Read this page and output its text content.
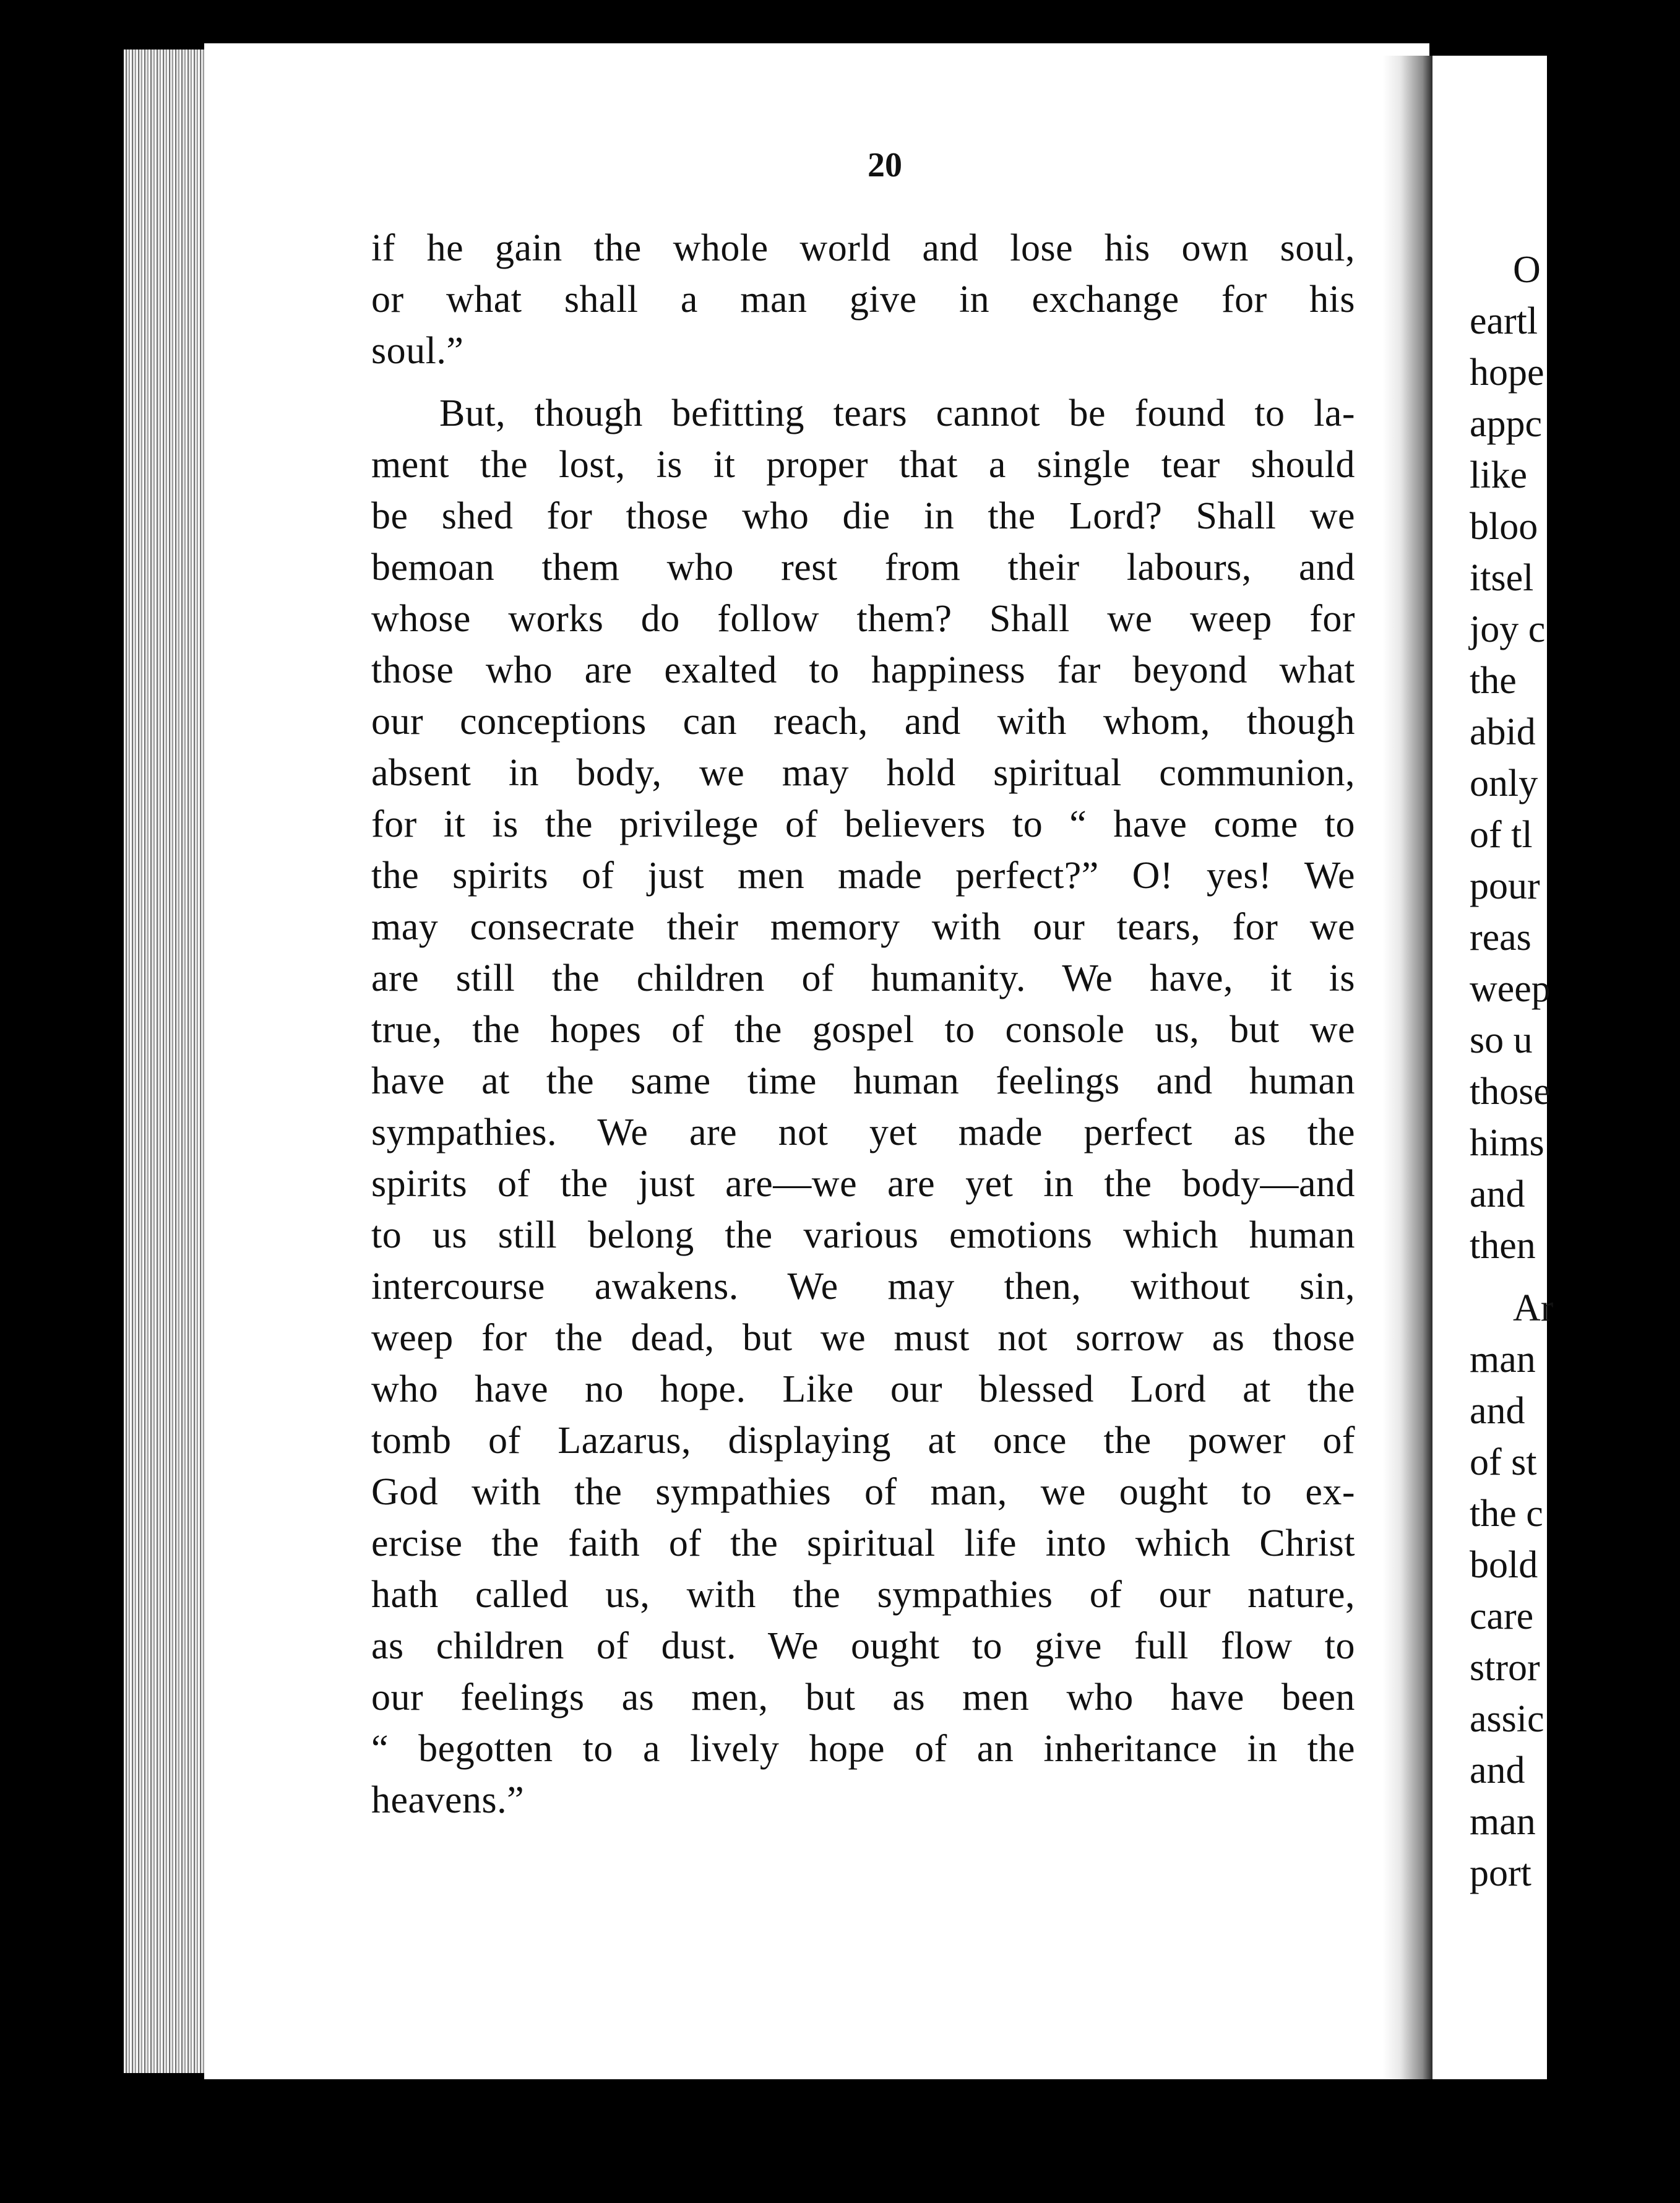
20
if he gain the whole world and lose his own soul,
or what shall a man give in exchange for his
soul.”
But, though befitting tears cannot be found to la-
ment the lost, is it proper that a single tear should
be shed for those who die in the Lord? Shall we
bemoan them who rest from their labours, and
whose works do follow them? Shall we weep for
those who are exalted to happiness far beyond what
our conceptions can reach, and with whom, though
absent in body, we may hold spiritual communion,
for it is the privilege of believers to “ have come to
the spirits of just men made perfect?” O! yes! We
may consecrate their memory with our tears, for we
are still the children of humanity. We have, it is
true, the hopes of the gospel to console us, but we
have at the same time human feelings and human
sympathies. We are not yet made perfect as the
spirits of the just are—we are yet in the body—and
to us still belong the various emotions which human
intercourse awakens. We may then, without sin,
weep for the dead, but we must not sorrow as those
who have no hope. Like our blessed Lord at the
tomb of Lazarus, displaying at once the power of
God with the sympathies of man, we ought to ex-
ercise the faith of the spiritual life into which Christ
hath called us, with the sympathies of our nature,
as children of dust. We ought to give full flow to
our feelings as men, but as men who have been
“ begotten to a lively hope of an inheritance in the
heavens.”
O
eartl
hope
appc
like
bloo
itsel
joy c
the
abid
only
of tl
pour
reas
weep
so u
those
hims
and
then
Ar
man
and
of st
the c
bold
care
stror
assic
and
man
port
